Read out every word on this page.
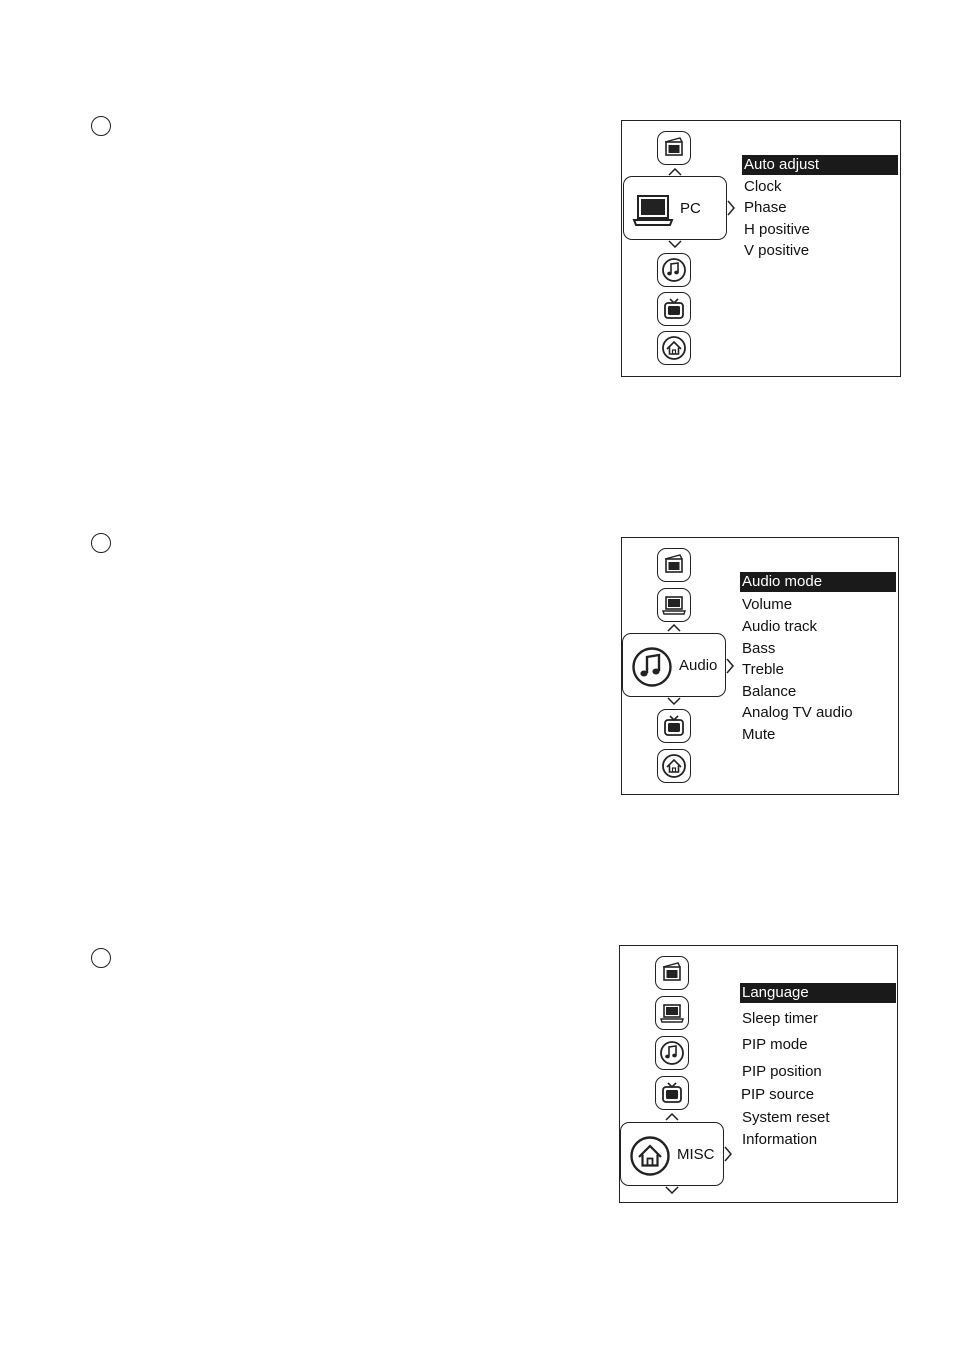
PC
Auto adjust
Clock
Phase
H positive
V positive
Audio
Audio mode
Volume
Audio track
Bass
Treble
Balance
Analog TV audio
Mute
MISC
Language
Sleep timer
PIP mode
PIP position
PIP source
System reset
Information
